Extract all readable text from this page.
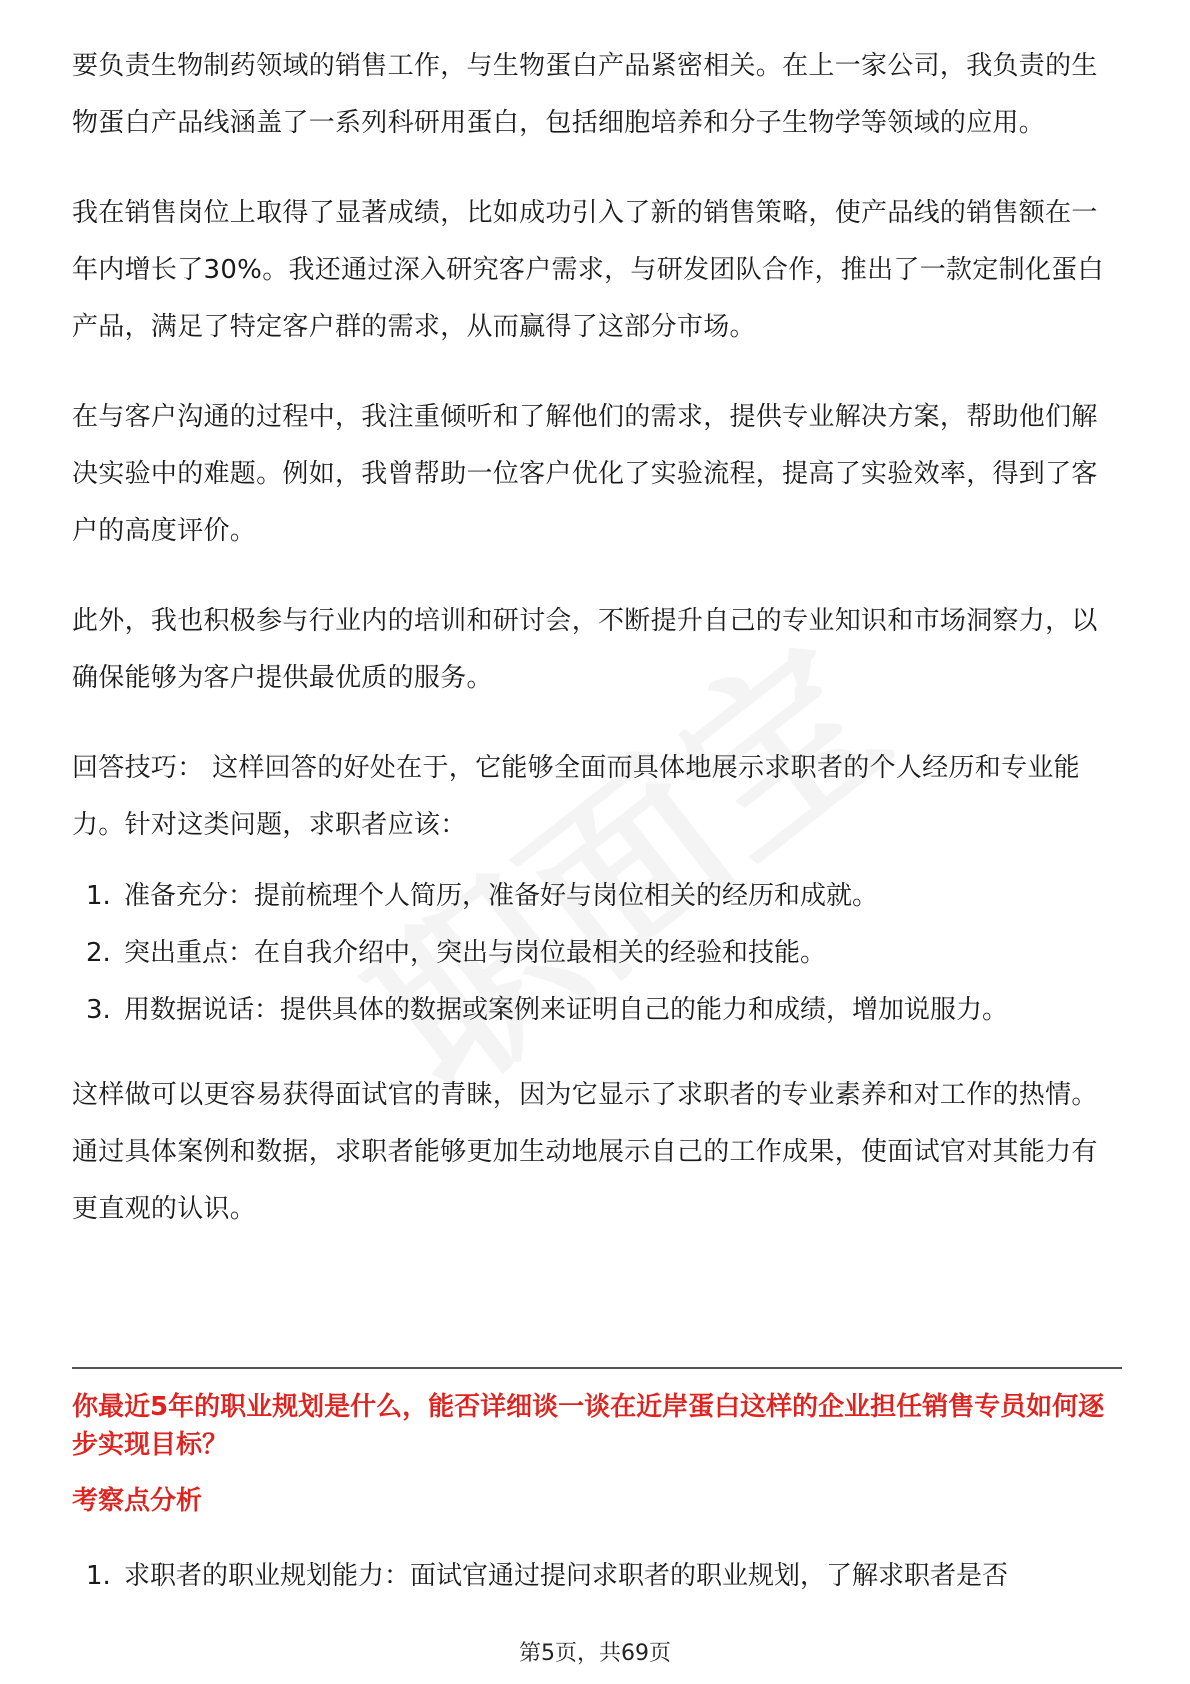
要负责生物制药领域的销售工作，与生物蛋白产品紧密相关。在上一家公司，我负责的生物蛋白产品线涵盖了一系列科研用蛋白，包括细胞培养和分子生物学等领域的应用。

我在销售岗位上取得了显著成绩，比如成功引入了新的销售策略，使产品线的销售额在一年内增长了30%。我还通过深入研究客户需求，与研发团队合作，推出了一款定制化蛋白产品，满足了特定客户群的需求，从而赢得了这部分市场。

在与客户沟通的过程中，我注重倾听和了解他们的需求，提供专业解决方案，帮助他们解决实验中的难题。例如，我曾帮助一位客户优化了实验流程，提高了实验效率，得到了客户的高度评价。

此外，我也积极参与行业内的培训和研讨会，不断提升自己的专业知识和市场洞察力，以确保能够为客户提供最优质的服务。

回答技巧： 这样回答的好处在于，它能够全面而具体地展示求职者的个人经历和专业能力。针对这类问题，求职者应该：

1. 准备充分：提前梳理个人简历，准备好与岗位相关的经历和成就。
2. 突出重点：在自我介绍中，突出与岗位最相关的经验和技能。
3. 用数据说话：提供具体的数据或案例来证明自己的能力和成绩，增加说服力。

这样做可以更容易获得面试官的青睐，因为它显示了求职者的专业素养和对工作的热情。通过具体案例和数据，求职者能够更加生动地展示自己的工作成果，使面试官对其能力有更直观的认识。

你最近5年的职业规划是什么，能否详细谈一谈在近岸蛋白这样的企业担任销售专员如何逐步实现目标？

考察点分析

1. 求职者的职业规划能力：面试官通过提问求职者的职业规划，了解求职者是否
第5页，共69页
